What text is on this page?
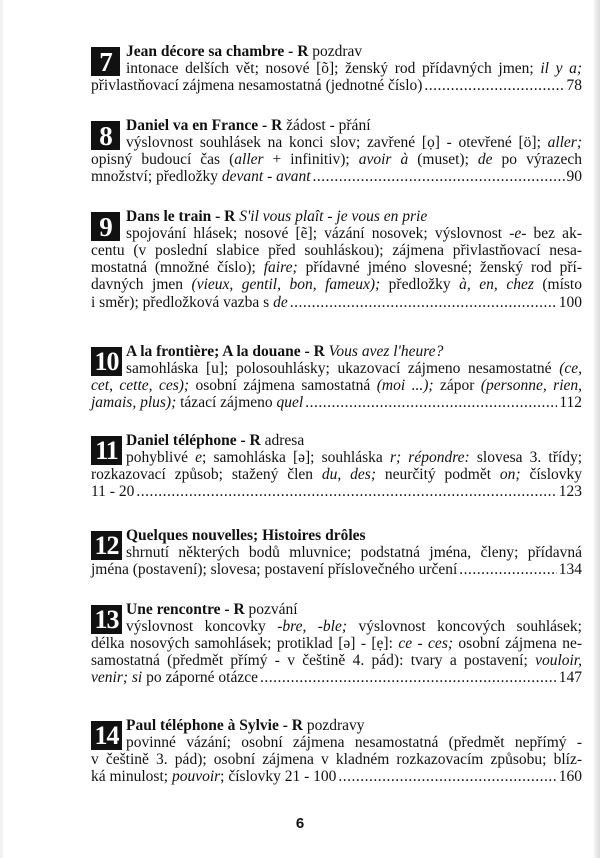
7 Jean décore sa chambre - R pozdrav
intonace delších vět; nosové [õ]; ženský rod přídavných jmen; il y a;
přivlastňovací zájmena nesamostatná (jednotné číslo) .....	78
8 Daniel va en France - R žádost - přání
výslovnost souhlásek na konci slov; zavřené [ọ] - otevřené [ö]; aller;
opisný budoucí čas (aller + infinitiv); avoir à (muset); de po výrazech
množství; předložky devant - avant .....	90
9 Dans le train - R S'il vous plaît - je vous en prie
spojování hlásek; nosové [ẽ]; vázání nosovek; výslovnost -e- bez ak-
centu (v poslední slabice před souhláskou); zájmena přivlastňovací nesa-
mostatná (množné číslo); faire; přídavné jméno slovesné; ženský rod pří-
davných jmen (vieux, gentil, bon, fameux); předložky à, en, chez (místo
i směr); předložková vazba s de .....	100
10 A la frontière; A la douane - R Vous avez l'heure?
samohláska [u]; polosouhlásky; ukazovací zájmeno nesamostatné (ce,
cet, cette, ces); osobní zájmena samostatná (moi ...); zápor (personne, rien,
jamais, plus); tázací zájmeno quel .....	112
11 Daniel téléphone - R adresa
pohyblivé e; samohláska [ə]; souhláska r; répondre: slovesa 3. třídy;
rozkazovací způsob; stažený člen du, des; neurčitý podmět on; číslovky
11 - 20 .....	123
12 Quelques nouvelles; Histoires drôles
shrnutí některých bodů mluvnice; podstatná jména, členy; přídavná
jména (postavení); slovesa; postavení příslovečného určení .....	134
13 Une rencontre - R pozvání
výslovnost koncovky -bre, -ble; výslovnost koncových souhlásek;
délka nosových samohlásek; protiklad [ə] - [ẹ]: ce - ces; osobní zájmena ne-
samostatná (předmět přímý - v češtině 4. pád): tvary a postavení; vouloir,
venir; si po záporné otázce .....	147
14 Paul téléphone à Sylvie - R pozdravy
povinné vázání; osobní zájmena nesamostatná (předmět nepřímý -
v češtině 3. pád); osobní zájmena v kladném rozkazovacím způsobu; blíz-
ká minulost; pouvoir; číslovky 21 - 100 .....	160
6
